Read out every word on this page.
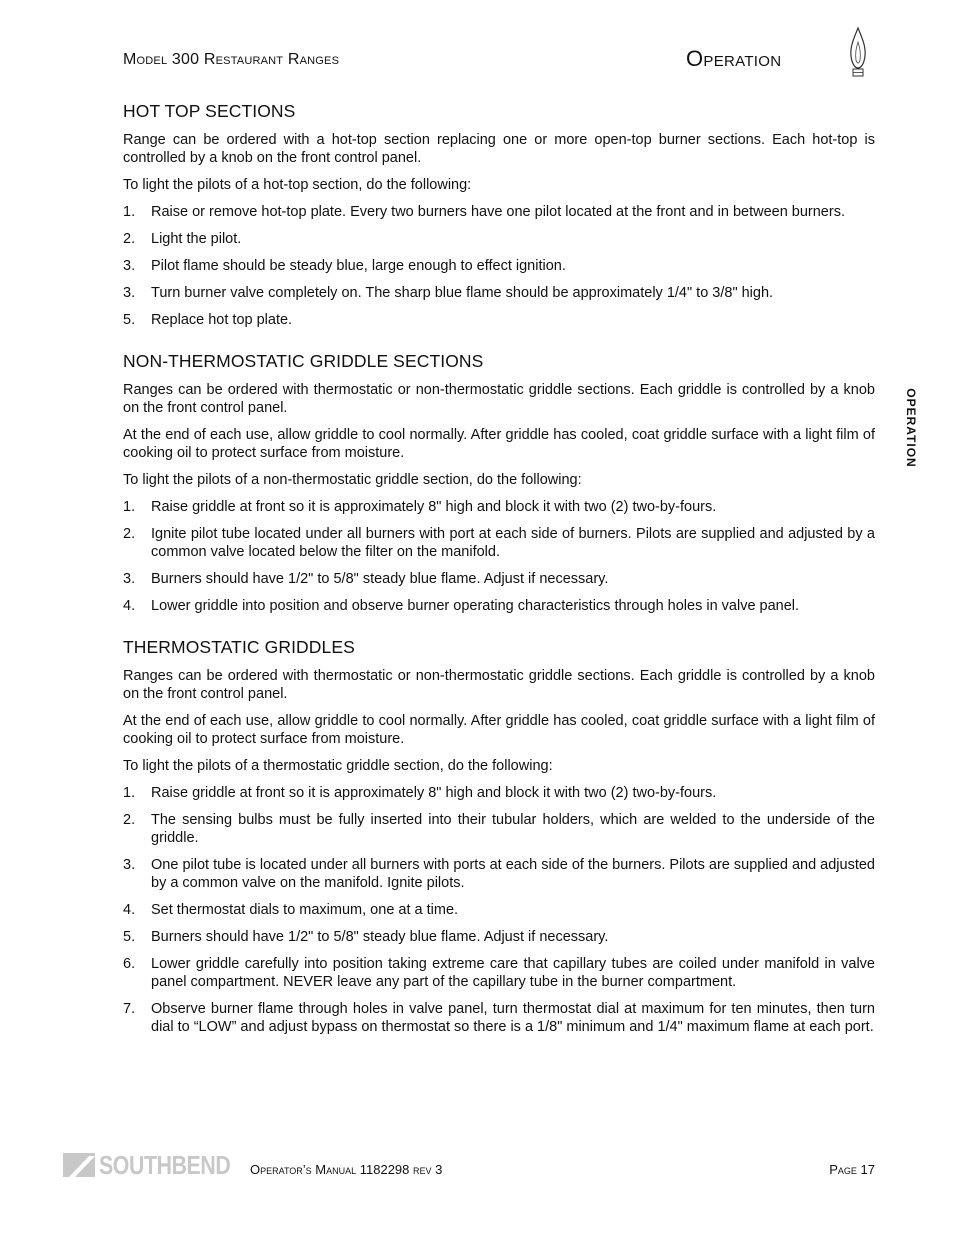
Model 300 Restaurant Ranges	Operation
OPERATION
HOT TOP SECTIONS

Range can be ordered with a hot-top section replacing one or more open-top burner sections. Each hot-top is controlled by a knob on the front control panel.

To light the pilots of a hot-top section, do the following:

1. Raise or remove hot-top plate. Every two burners have one pilot located at the front and in between burners.
2. Light the pilot.
3. Pilot flame should be steady blue, large enough to effect ignition.
3. Turn burner valve completely on. The sharp blue flame should be approximately 1/4" to 3/8" high.
5. Replace hot top plate.
NON-THERMOSTATIC GRIDDLE SECTIONS

Ranges can be ordered with thermostatic or non-thermostatic griddle sections. Each griddle is controlled by a knob on the front control panel.

At the end of each use, allow griddle to cool normally. After griddle has cooled, coat griddle surface with a light film of cooking oil to protect surface from moisture.

To light the pilots of a non-thermostatic griddle section, do the following:

1. Raise griddle at front so it is approximately 8" high and block it with two (2) two-by-fours.
2. Ignite pilot tube located under all burners with port at each side of burners. Pilots are supplied and adjusted by a common valve located below the filter on the manifold.
3. Burners should have 1/2" to 5/8" steady blue flame. Adjust if necessary.
4. Lower griddle into position and observe burner operating characteristics through holes in valve panel.
THERMOSTATIC GRIDDLES

Ranges can be ordered with thermostatic or non-thermostatic griddle sections. Each griddle is controlled by a knob on the front control panel.

At the end of each use, allow griddle to cool normally. After griddle has cooled, coat griddle surface with a light film of cooking oil to protect surface from moisture.

To light the pilots of a thermostatic griddle section, do the following:

1. Raise griddle at front so it is approximately 8" high and block it with two (2) two-by-fours.
2. The sensing bulbs must be fully inserted into their tubular holders, which are welded to the underside of the griddle.
3. One pilot tube is located under all burners with ports at each side of the burners. Pilots are supplied and adjusted by a common valve on the manifold. Ignite pilots.
4. Set thermostat dials to maximum, one at a time.
5. Burners should have 1/2" to 5/8" steady blue flame. Adjust if necessary.
6. Lower griddle carefully into position taking extreme care that capillary tubes are coiled under manifold in valve panel compartment. NEVER leave any part of the capillary tube in the burner compartment.
7. Observe burner flame through holes in valve panel, turn thermostat dial at maximum for ten minutes, then turn dial to “LOW” and adjust bypass on thermostat so there is a 1/8" minimum and 1/4" maximum flame at each port.
SOUTHBEND Operator’s Manual 1182298 rev 3	Page 17
